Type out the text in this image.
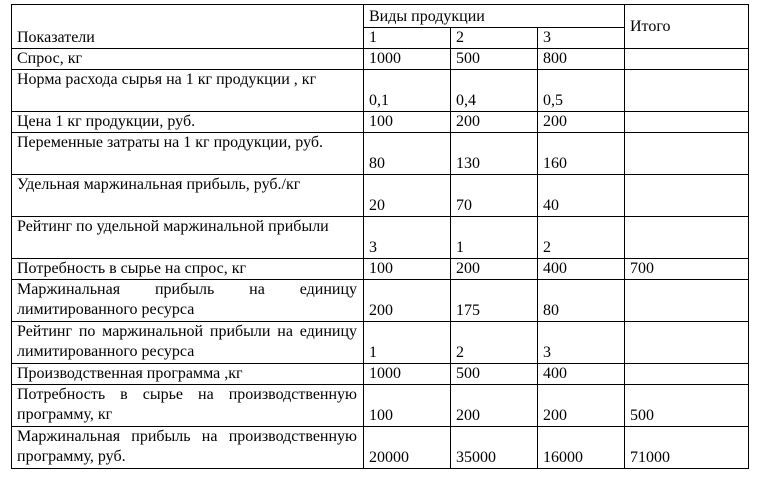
Показатели	Виды продукции			Итого
	1	2	3	
Спрос, кг	1000	500	800	
Норма расхода сырья на 1 кг продукции , кг	0,1	0,4	0,5	
Цена 1 кг продукции, руб.	100	200	200	
Переменные затраты на 1 кг продукции, руб.	80	130	160	
Удельная маржинальная прибыль, руб./кг	20	70	40	
Рейтинг по удельной маржинальной прибыли	3	1	2	
Потребность в сырье на спрос, кг	100	200	400	700
Маржинальная прибыль на единицу лимитированного ресурса	200	175	80	
Рейтинг по маржинальной прибыли на единицу лимитированного ресурса	1	2	3	
Производственная программа ,кг	1000	500	400	
Потребность в сырье на производственную программу, кг	100	200	200	500
Маржинальная прибыль на производственную программу, руб.	20000	35000	16000	71000
